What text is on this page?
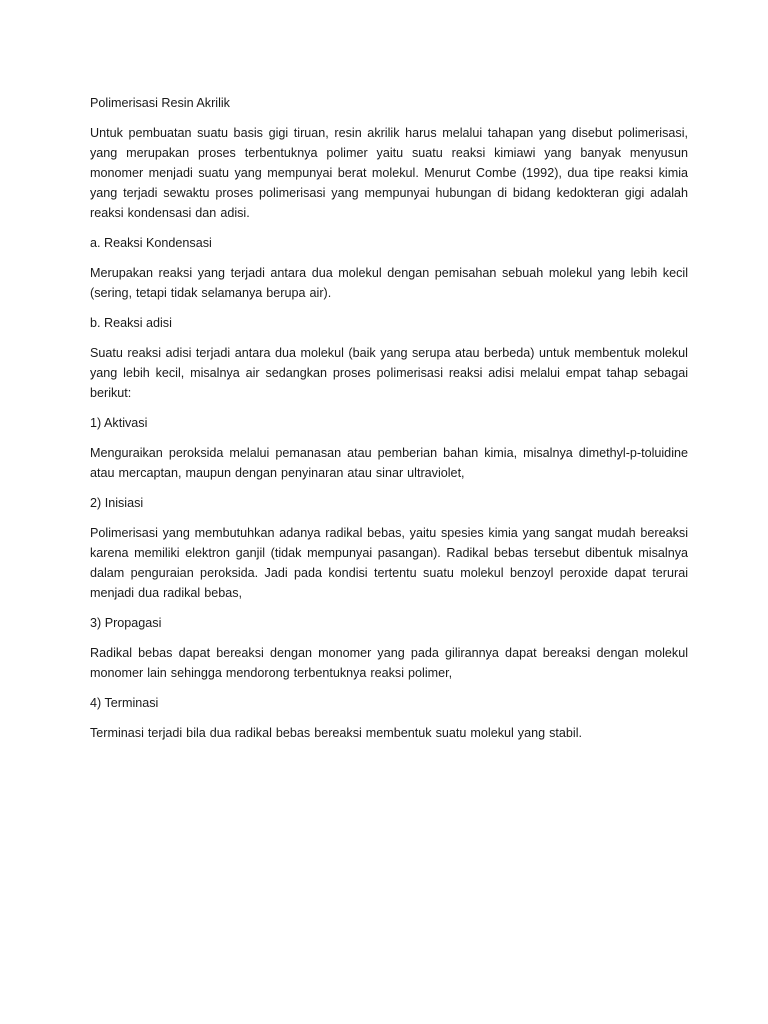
Polimerisasi Resin Akrilik

Untuk pembuatan suatu basis gigi tiruan, resin akrilik harus melalui tahapan yang disebut polimerisasi, yang merupakan proses terbentuknya polimer yaitu suatu reaksi kimiawi yang banyak menyusun monomer menjadi suatu yang mempunyai berat molekul. Menurut Combe (1992), dua tipe reaksi kimia yang terjadi sewaktu proses polimerisasi yang mempunyai hubungan di bidang kedokteran gigi adalah reaksi kondensasi dan adisi.

a. Reaksi Kondensasi

Merupakan reaksi yang terjadi antara dua molekul dengan pemisahan sebuah molekul yang lebih kecil (sering, tetapi tidak selamanya berupa air).

b. Reaksi adisi

Suatu reaksi adisi terjadi antara dua molekul (baik yang serupa atau berbeda) untuk membentuk molekul yang lebih kecil, misalnya air sedangkan proses polimerisasi reaksi adisi melalui empat tahap sebagai berikut:

1) Aktivasi

Menguraikan peroksida melalui pemanasan atau pemberian bahan kimia, misalnya dimethyl-p-toluidine atau mercaptan, maupun dengan penyinaran atau sinar ultraviolet,

2) Inisiasi

Polimerisasi yang membutuhkan adanya radikal bebas, yaitu spesies kimia yang sangat mudah bereaksi karena memiliki elektron ganjil (tidak mempunyai pasangan). Radikal bebas tersebut dibentuk misalnya dalam penguraian peroksida. Jadi pada kondisi tertentu suatu molekul benzoyl peroxide dapat terurai menjadi dua radikal bebas,

3) Propagasi

Radikal bebas dapat bereaksi dengan monomer yang pada gilirannya dapat bereaksi dengan molekul monomer lain sehingga mendorong terbentuknya reaksi polimer,

4) Terminasi

Terminasi terjadi bila dua radikal bebas bereaksi membentuk suatu molekul yang stabil.
